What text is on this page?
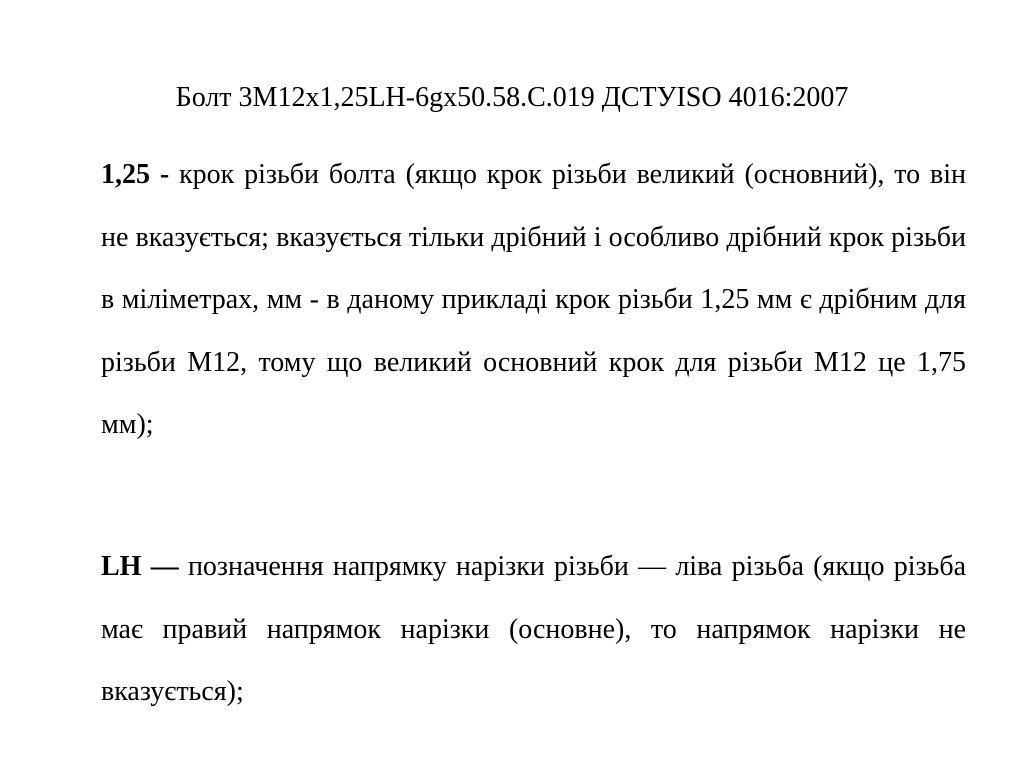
Болт 3М12х1,25LH-6gх50.58.С.019 ДСТУISO 4016:2007

1,25 - крок різьби болта (якщо крок різьби великий (основний), то він не вказується; вказується тільки дрібний і особливо дрібний крок різьби в міліметрах, мм - в даному прикладі крок різьби 1,25 мм є дрібним для різьби М12, тому що великий основний крок для різьби М12 це 1,75 мм);

LH — позначення напрямку нарізки різьби — ліва різьба (якщо різьба має правий напрямок нарізки (основне), то напрямок нарізки не вказується);
